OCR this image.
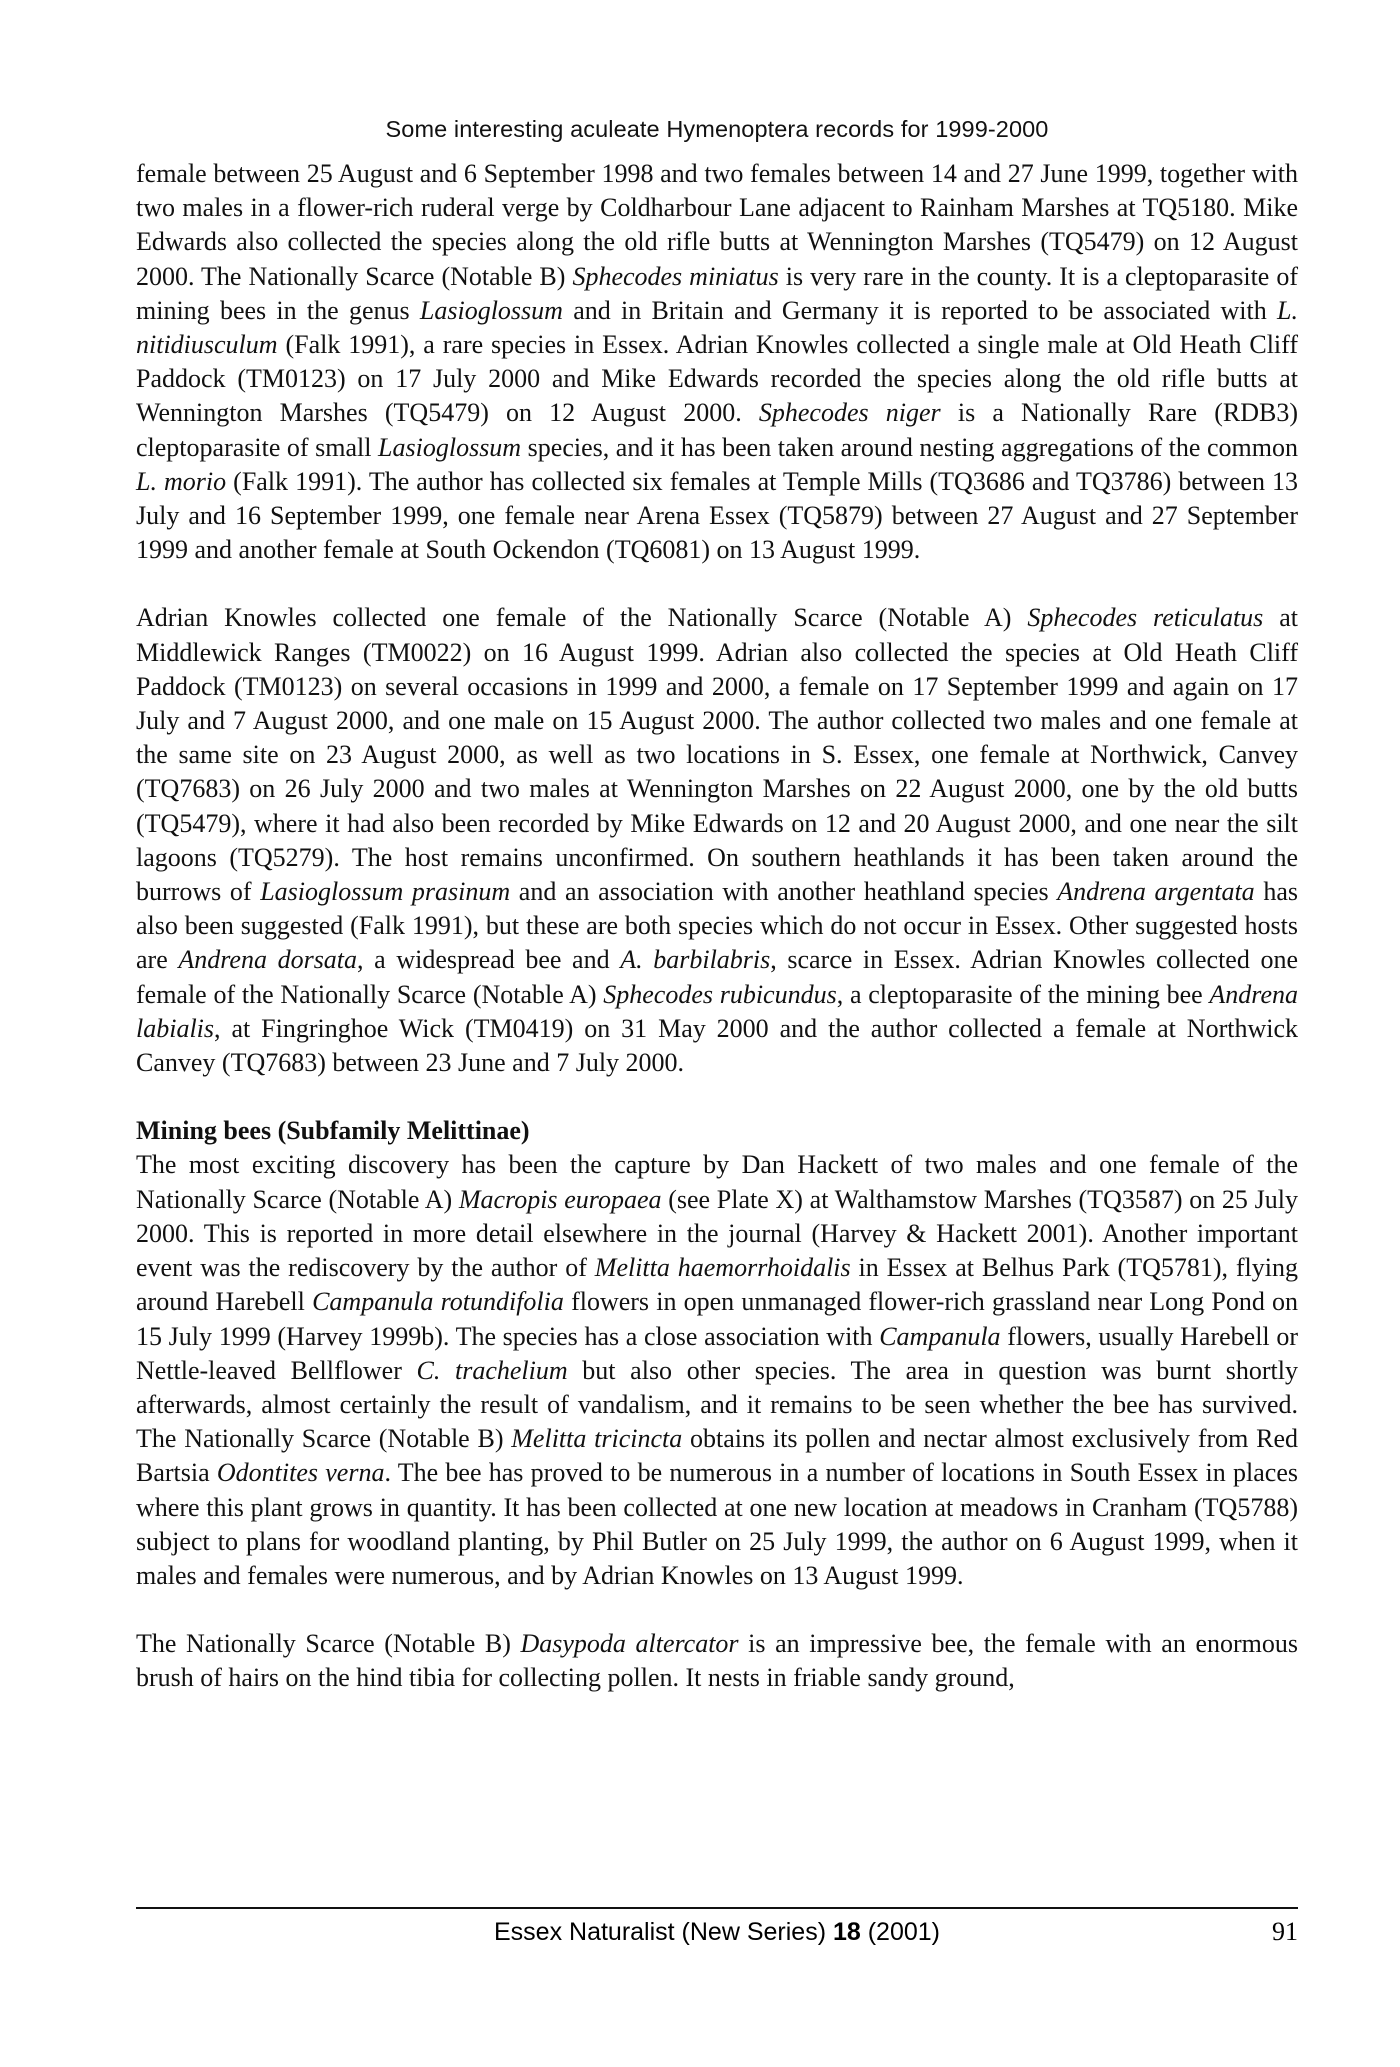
Some interesting aculeate Hymenoptera records for 1999-2000

female between 25 August and 6 September 1998 and two females between 14 and 27 June 1999, together with two males in a flower-rich ruderal verge by Coldharbour Lane adjacent to Rainham Marshes at TQ5180. Mike Edwards also collected the species along the old rifle butts at Wennington Marshes (TQ5479) on 12 August 2000. The Nationally Scarce (Notable B) Sphecodes miniatus is very rare in the county. It is a cleptoparasite of mining bees in the genus Lasioglossum and in Britain and Germany it is reported to be associated with L. nitidiusculum (Falk 1991), a rare species in Essex. Adrian Knowles collected a single male at Old Heath Cliff Paddock (TM0123) on 17 July 2000 and Mike Edwards recorded the species along the old rifle butts at Wennington Marshes (TQ5479) on 12 August 2000. Sphecodes niger is a Nationally Rare (RDB3) cleptoparasite of small Lasioglossum species, and it has been taken around nesting aggregations of the common L. morio (Falk 1991). The author has collected six females at Temple Mills (TQ3686 and TQ3786) between 13 July and 16 September 1999, one female near Arena Essex (TQ5879) between 27 August and 27 September 1999 and another female at South Ockendon (TQ6081) on 13 August 1999.

Adrian Knowles collected one female of the Nationally Scarce (Notable A) Sphecodes reticulatus at Middlewick Ranges (TM0022) on 16 August 1999. Adrian also collected the species at Old Heath Cliff Paddock (TM0123) on several occasions in 1999 and 2000, a female on 17 September 1999 and again on 17 July and 7 August 2000, and one male on 15 August 2000. The author collected two males and one female at the same site on 23 August 2000, as well as two locations in S. Essex, one female at Northwick, Canvey (TQ7683) on 26 July 2000 and two males at Wennington Marshes on 22 August 2000, one by the old butts (TQ5479), where it had also been recorded by Mike Edwards on 12 and 20 August 2000, and one near the silt lagoons (TQ5279). The host remains unconfirmed. On southern heathlands it has been taken around the burrows of Lasioglossum prasinum and an association with another heathland species Andrena argentata has also been suggested (Falk 1991), but these are both species which do not occur in Essex. Other suggested hosts are Andrena dorsata, a widespread bee and A. barbilabris, scarce in Essex. Adrian Knowles collected one female of the Nationally Scarce (Notable A) Sphecodes rubicundus, a cleptoparasite of the mining bee Andrena labialis, at Fingringhoe Wick (TM0419) on 31 May 2000 and the author collected a female at Northwick Canvey (TQ7683) between 23 June and 7 July 2000.

Mining bees (Subfamily Melittinae)

The most exciting discovery has been the capture by Dan Hackett of two males and one female of the Nationally Scarce (Notable A) Macropis europaea (see Plate X) at Walthamstow Marshes (TQ3587) on 25 July 2000. This is reported in more detail elsewhere in the journal (Harvey & Hackett 2001). Another important event was the rediscovery by the author of Melitta haemorrhoidalis in Essex at Belhus Park (TQ5781), flying around Harebell Campanula rotundifolia flowers in open unmanaged flower-rich grassland near Long Pond on 15 July 1999 (Harvey 1999b). The species has a close association with Campanula flowers, usually Harebell or Nettle-leaved Bellflower C. trachelium but also other species. The area in question was burnt shortly afterwards, almost certainly the result of vandalism, and it remains to be seen whether the bee has survived. The Nationally Scarce (Notable B) Melitta tricincta obtains its pollen and nectar almost exclusively from Red Bartsia Odontites verna. The bee has proved to be numerous in a number of locations in South Essex in places where this plant grows in quantity. It has been collected at one new location at meadows in Cranham (TQ5788) subject to plans for woodland planting, by Phil Butler on 25 July 1999, the author on 6 August 1999, when it males and females were numerous, and by Adrian Knowles on 13 August 1999.

The Nationally Scarce (Notable B) Dasypoda altercator is an impressive bee, the female with an enormous brush of hairs on the hind tibia for collecting pollen. It nests in friable sandy ground,

Essex Naturalist (New Series) 18 (2001)	91
